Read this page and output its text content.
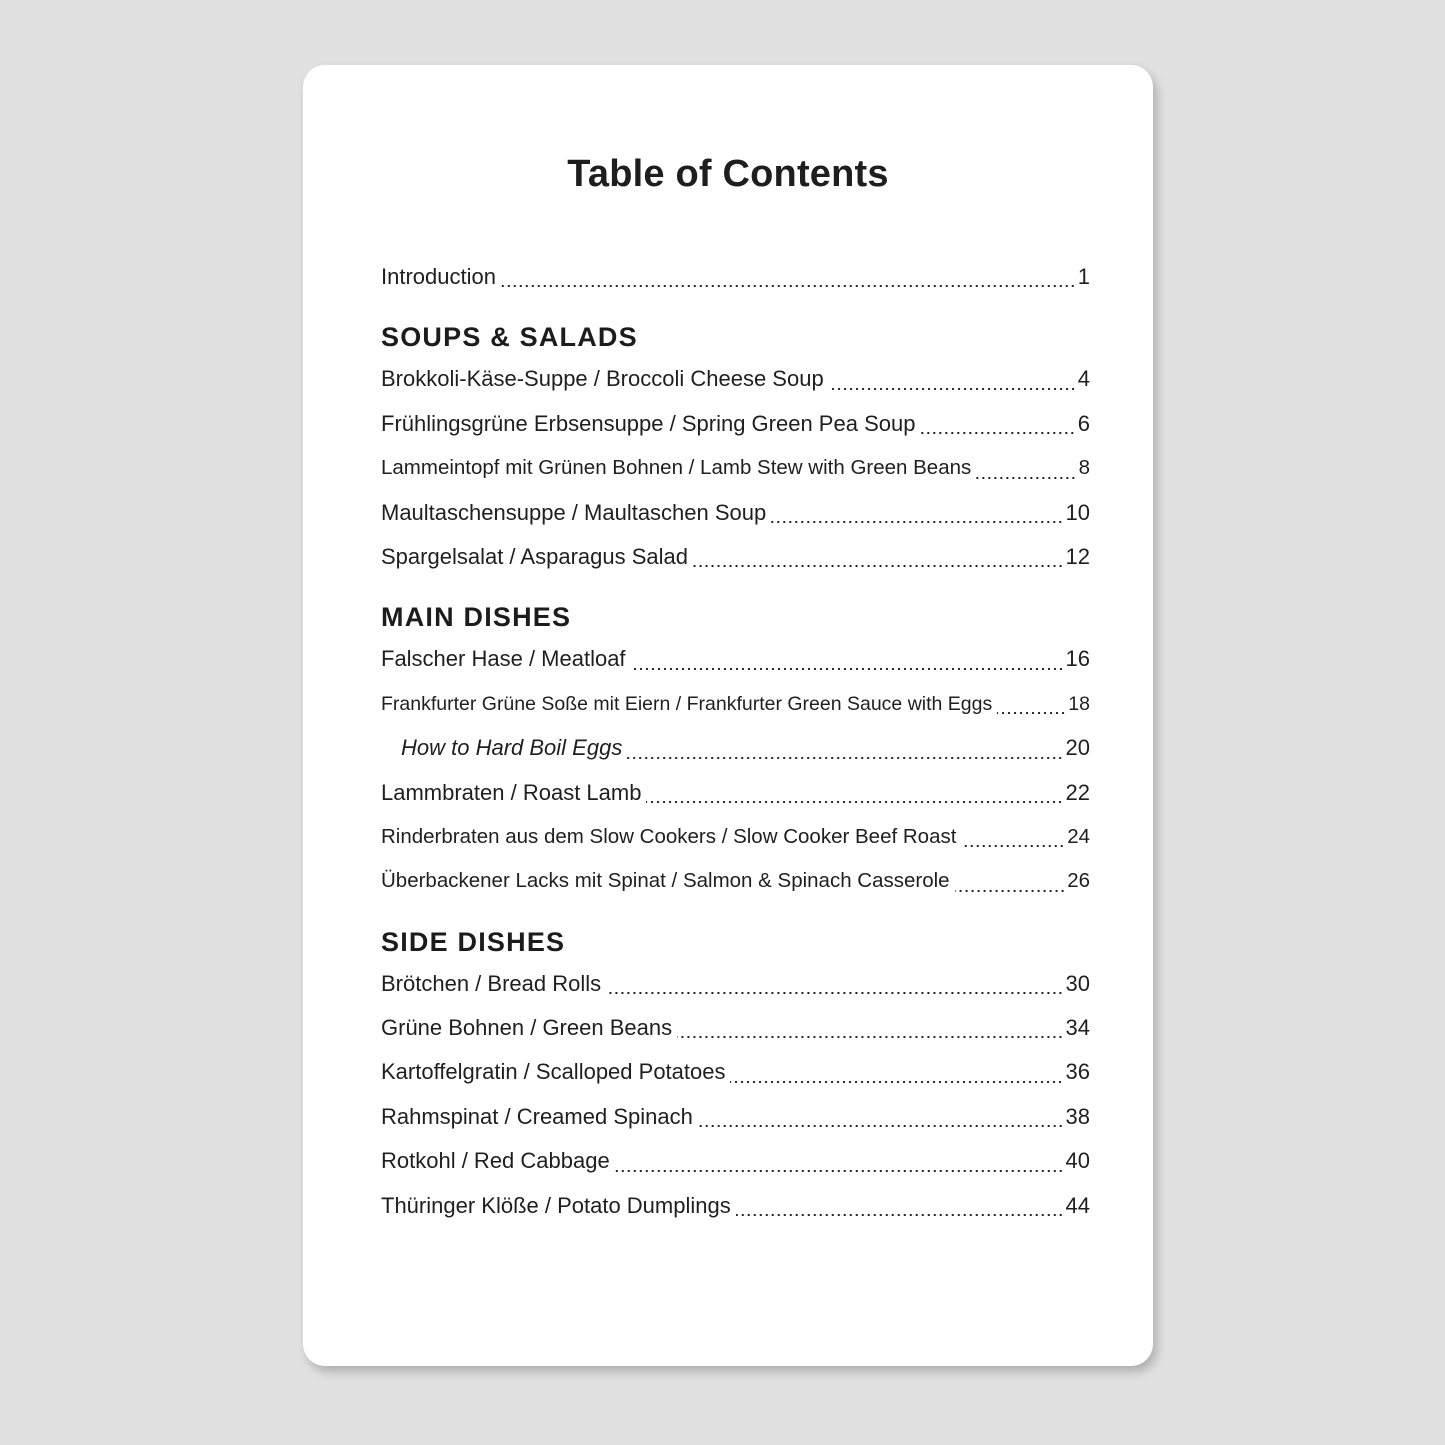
Table of Contents
Introduction	1
SOUPS & SALADS
Brokkoli-Käse-Suppe / Broccoli Cheese Soup	4
Frühlingsgrüne Erbsensuppe / Spring Green Pea Soup	6
Lammeintopf mit Grünen Bohnen / Lamb Stew with Green Beans	8
Maultaschensuppe / Maultaschen Soup	10
Spargelsalat / Asparagus Salad	12
MAIN DISHES
Falscher Hase / Meatloaf	16
Frankfurter Grüne Soße mit Eiern / Frankfurter Green Sauce with Eggs	18
How to Hard Boil Eggs	20
Lammbraten / Roast Lamb	22
Rinderbraten aus dem Slow Cookers / Slow Cooker Beef Roast	24
Überbackener Lacks mit Spinat / Salmon & Spinach Casserole	26
SIDE DISHES
Brötchen / Bread Rolls	30
Grüne Bohnen / Green Beans	34
Kartoffelgratin / Scalloped Potatoes	36
Rahmspinat / Creamed Spinach	38
Rotkohl / Red Cabbage	40
Thüringer Klöße / Potato Dumplings	44
